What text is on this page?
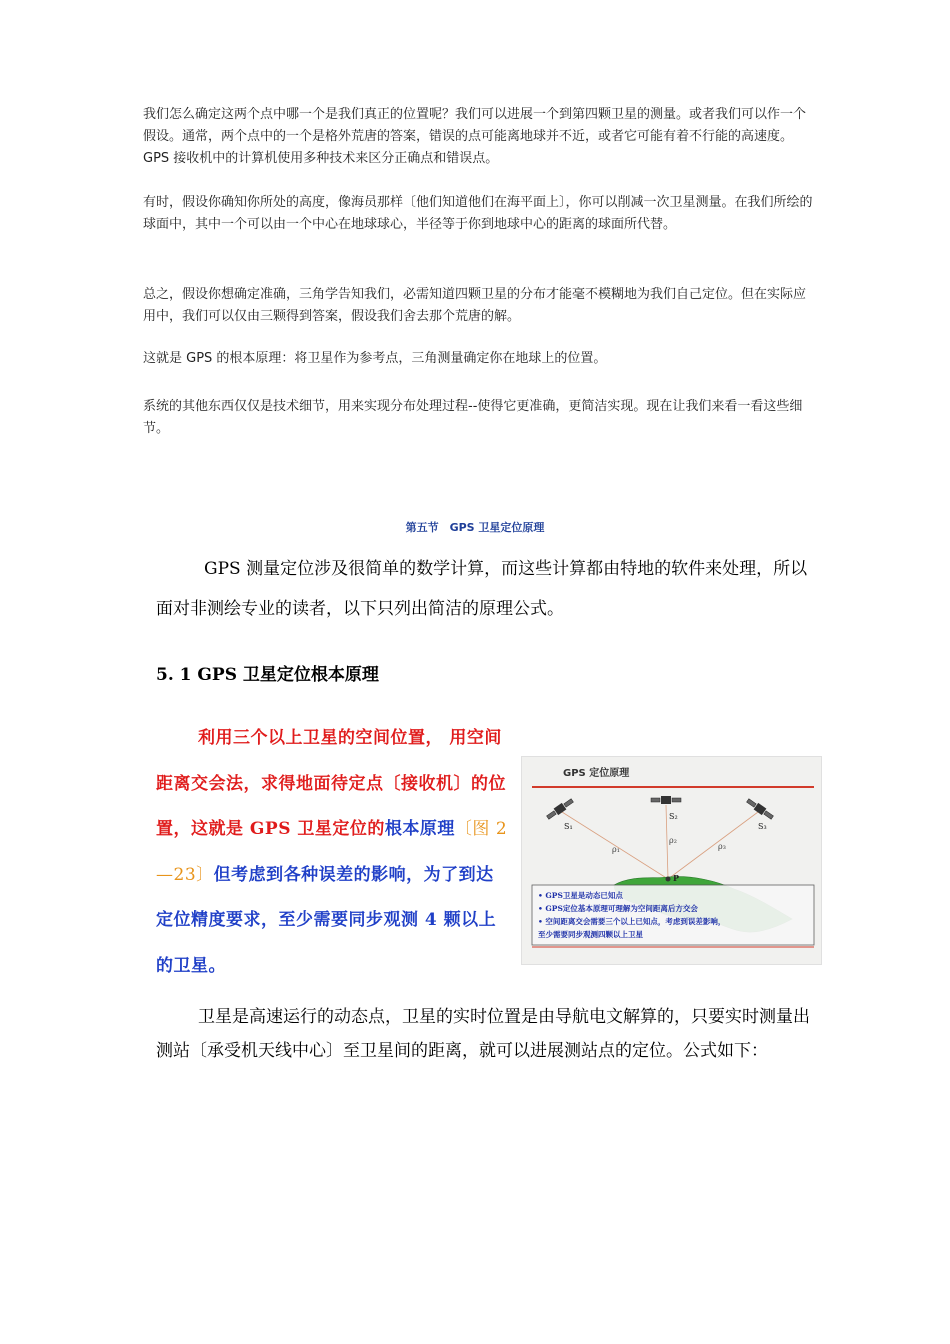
我们怎么确定这两个点中哪一个是我们真正的位置呢？我们可以进展一个到第四颗卫星的测量。或者我们可以作一个假设。通常，两个点中的一个是格外荒唐的答案，错误的点可能离地球并不近，或者它可能有着不行能的高速度。GPS 接收机中的计算机使用多种技术来区分正确点和错误点。

有时，假设你确知你所处的高度，像海员那样〔他们知道他们在海平面上〕，你可以削减一次卫星测量。在我们所绘的球面中，其中一个可以由一个中心在地球球心，半径等于你到地球中心的距离的球面所代替。

总之，假设你想确定准确，三角学告知我们，必需知道四颗卫星的分布才能毫不模糊地为我们自己定位。但在实际应用中，我们可以仅由三颗得到答案，假设我们舍去那个荒唐的解。

这就是 GPS 的根本原理：将卫星作为参考点，三角测量确定你在地球上的位置。

系统的其他东西仅仅是技术细节，用来实现分布处理过程--使得它更准确，更简洁实现。现在让我们来看一看这些细节。

第五节　GPS 卫星定位原理

GPS 测量定位涉及很简单的数学计算，而这些计算都由特地的软件来处理，所以面对非测绘专业的读者，以下只列出简洁的原理公式。

5. 1 GPS 卫星定位根本原理

利用三个以上卫星的空间位置， 用空间距离交会法，求得地面待定点〔接收机〕的位置，这就是 GPS 卫星定位的根本原理〔图 2—23〕但考虑到各种误差的影响，为了到达定位精度要求，至少需要同步观测 4 颗以上的卫星。

GPS 定位原理
S₁
S₂
S₃
ρ₁
ρ₂
ρ₃
P
• GPS卫星是动态已知点
• GPS定位基本原理可理解为空间距离后方交会
• 空间距离交会需要三个以上已知点，考虑到误差影响，
至少需要同步观测四颗以上卫星

卫星是高速运行的动态点，卫星的实时位置是由导航电文解算的，只要实时测量出测站〔承受机天线中心〕至卫星间的距离，就可以进展测站点的定位。公式如下：
